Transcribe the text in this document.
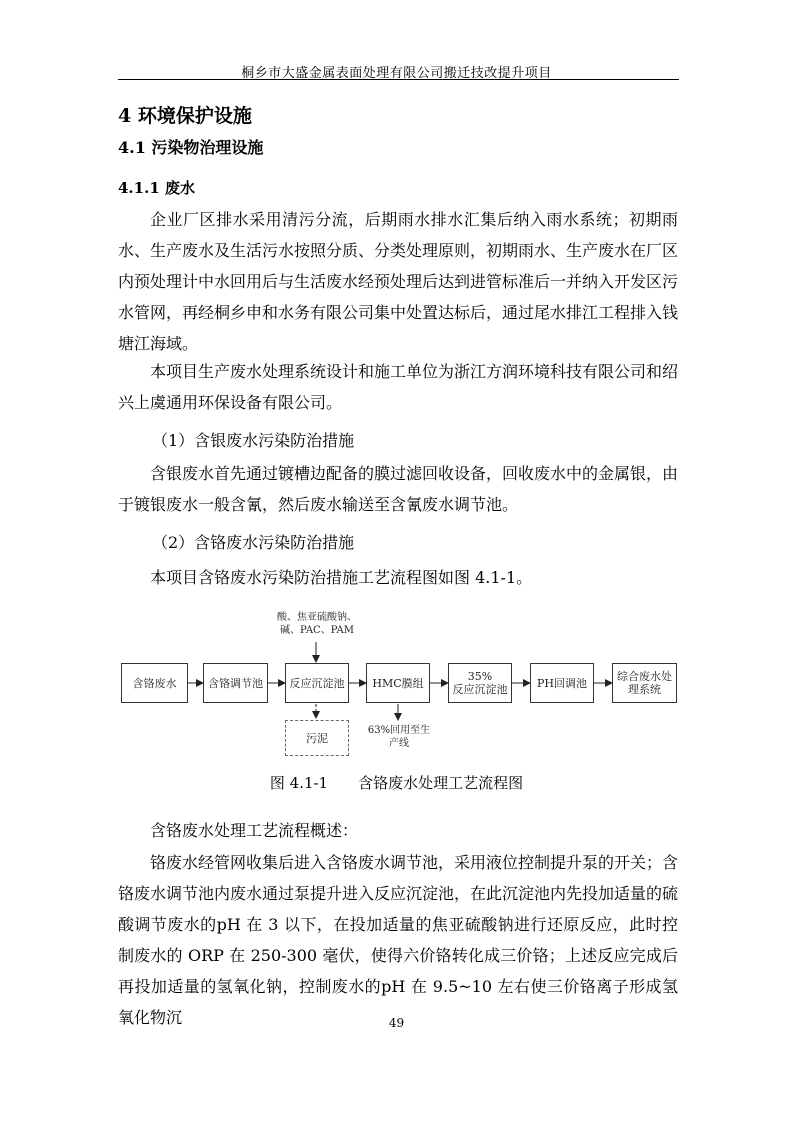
桐乡市大盛金属表面处理有限公司搬迁技改提升项目
4 环境保护设施
4.1 污染物治理设施
4.1.1 废水

企业厂区排水采用清污分流，后期雨水排水汇集后纳入雨水系统；初期雨水、生产废水及生活污水按照分质、分类处理原则，初期雨水、生产废水在厂区内预处理计中水回用后与生活废水经预处理后达到进管标准后一并纳入开发区污水管网，再经桐乡申和水务有限公司集中处置达标后，通过尾水排江工程排入钱塘江海域。

本项目生产废水处理系统设计和施工单位为浙江方润环境科技有限公司和绍兴上虞通用环保设备有限公司。

（1）含银废水污染防治措施

含银废水首先通过镀槽边配备的膜过滤回收设备，回收废水中的金属银，由于镀银废水一般含氰，然后废水输送至含氰废水调节池。

（2）含铬废水污染防治措施

本项目含铬废水污染防治措施工艺流程图如图 4.1-1。

酸、焦亚硫酸钠、
碱、PAC、PAM
含铬废水	含铬调节池	反应沉淀池	HMC膜组	35%
反应沉淀池	PH回调池	综合废水处理系统
污泥
63%回用至生
产线
图 4.1-1 含铬废水处理工艺流程图

含铬废水处理工艺流程概述：

铬废水经管网收集后进入含铬废水调节池，采用液位控制提升泵的开关；含铬废水调节池内废水通过泵提升进入反应沉淀池，在此沉淀池内先投加适量的硫酸调节废水的pH 在 3 以下，在投加适量的焦亚硫酸钠进行还原反应，此时控制废水的 ORP 在 250-300 毫伏，使得六价铬转化成三价铬；上述反应完成后再投加适量的氢氧化钠，控制废水的pH 在 9.5~10 左右使三价铬离子形成氢氧化物沉	49
